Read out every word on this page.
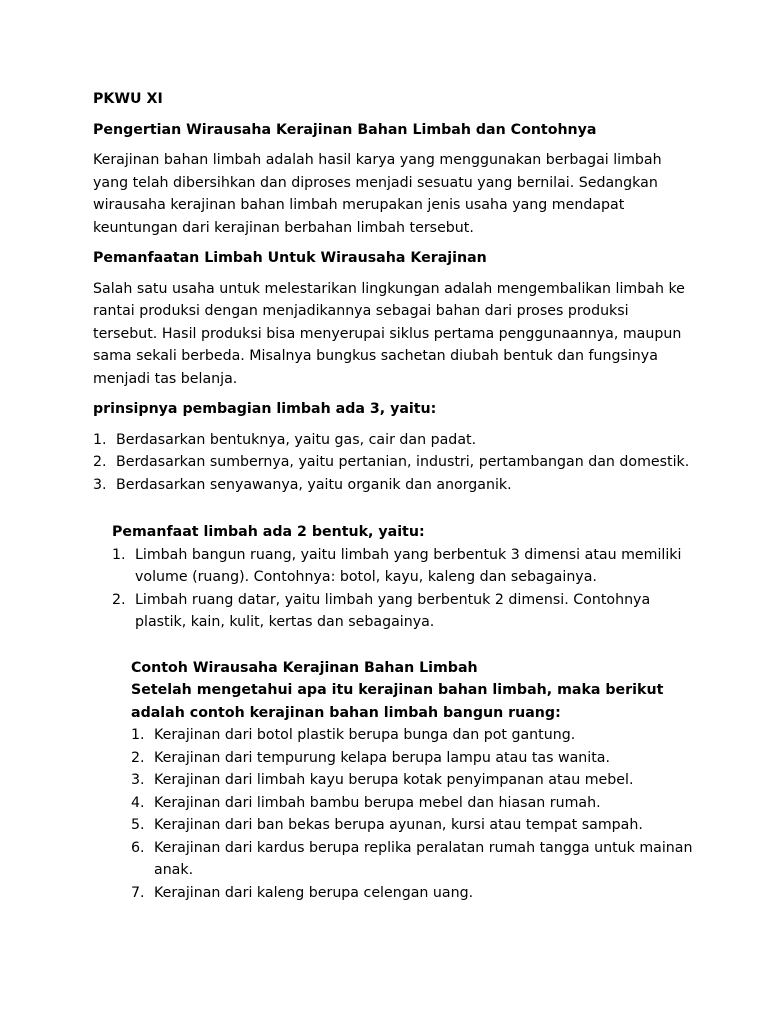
PKWU XI
Pengertian Wirausaha Kerajinan Bahan Limbah dan Contohnya

Kerajinan bahan limbah adalah hasil karya yang menggunakan berbagai limbah yang telah dibersihkan dan diproses menjadi sesuatu yang bernilai. Sedangkan wirausaha kerajinan bahan limbah merupakan jenis usaha yang mendapat keuntungan dari kerajinan berbahan limbah tersebut.

Pemanfaatan Limbah Untuk Wirausaha Kerajinan

Salah satu usaha untuk melestarikan lingkungan adalah mengembalikan limbah ke rantai produksi dengan menjadikannya sebagai bahan dari proses produksi tersebut. Hasil produksi bisa menyerupai siklus pertama penggunaannya, maupun sama sekali berbeda. Misalnya bungkus sachetan diubah bentuk dan fungsinya menjadi tas belanja.

prinsipnya pembagian limbah ada 3, yaitu:
1. Berdasarkan bentuknya, yaitu gas, cair dan padat.
2. Berdasarkan sumbernya, yaitu pertanian, industri, pertambangan dan domestik.
3. Berdasarkan senyawanya, yaitu organik dan anorganik.
Pemanfaat limbah ada 2 bentuk, yaitu:
1. Limbah bangun ruang, yaitu limbah yang berbentuk 3 dimensi atau memiliki volume (ruang). Contohnya: botol, kayu, kaleng dan sebagainya.
2. Limbah ruang datar, yaitu limbah yang berbentuk 2 dimensi. Contohnya plastik, kain, kulit, kertas dan sebagainya.
Contoh Wirausaha Kerajinan Bahan Limbah
Setelah mengetahui apa itu kerajinan bahan limbah, maka berikut adalah contoh kerajinan bahan limbah bangun ruang:
1. Kerajinan dari botol plastik berupa bunga dan pot gantung.
2. Kerajinan dari tempurung kelapa berupa lampu atau tas wanita.
3. Kerajinan dari limbah kayu berupa kotak penyimpanan atau mebel.
4. Kerajinan dari limbah bambu berupa mebel dan hiasan rumah.
5. Kerajinan dari ban bekas berupa ayunan, kursi atau tempat sampah.
6. Kerajinan dari kardus berupa replika peralatan rumah tangga untuk mainan anak.
7. Kerajinan dari kaleng berupa celengan uang.
